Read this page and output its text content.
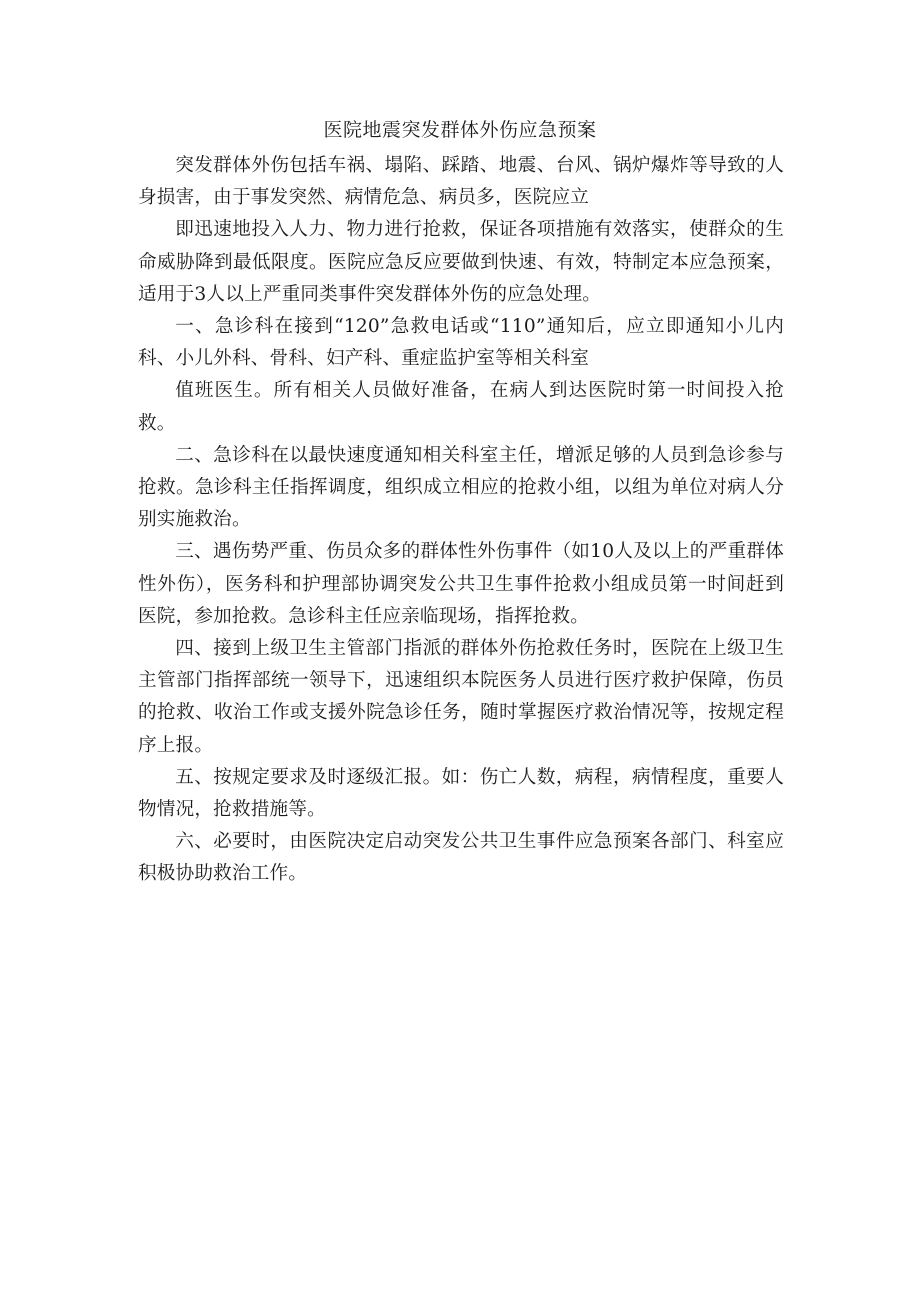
医院地震突发群体外伤应急预案

突发群体外伤包括车祸、塌陷、踩踏、地震、台风、锅炉爆炸等导致的人身损害，由于事发突然、病情危急、病员多，医院应立

即迅速地投入人力、物力进行抢救，保证各项措施有效落实，使群众的生命威胁降到最低限度。医院应急反应要做到快速、有效，特制定本应急预案，适用于3人以上严重同类事件突发群体外伤的应急处理。

一、急诊科在接到“120”急救电话或“110”通知后，应立即通知小儿内科、小儿外科、骨科、妇产科、重症监护室等相关科室

值班医生。所有相关人员做好准备，在病人到达医院时第一时间投入抢救。

二、急诊科在以最快速度通知相关科室主任，增派足够的人员到急诊参与抢救。急诊科主任指挥调度，组织成立相应的抢救小组，以组为单位对病人分别实施救治。

三、遇伤势严重、伤员众多的群体性外伤事件（如10人及以上的严重群体性外伤），医务科和护理部协调突发公共卫生事件抢救小组成员第一时间赶到医院，参加抢救。急诊科主任应亲临现场，指挥抢救。

四、接到上级卫生主管部门指派的群体外伤抢救任务时，医院在上级卫生主管部门指挥部统一领导下，迅速组织本院医务人员进行医疗救护保障，伤员的抢救、收治工作或支援外院急诊任务，随时掌握医疗救治情况等，按规定程序上报。

五、按规定要求及时逐级汇报。如：伤亡人数，病程，病情程度，重要人物情况，抢救措施等。

六、必要时，由医院决定启动突发公共卫生事件应急预案各部门、科室应积极协助救治工作。
